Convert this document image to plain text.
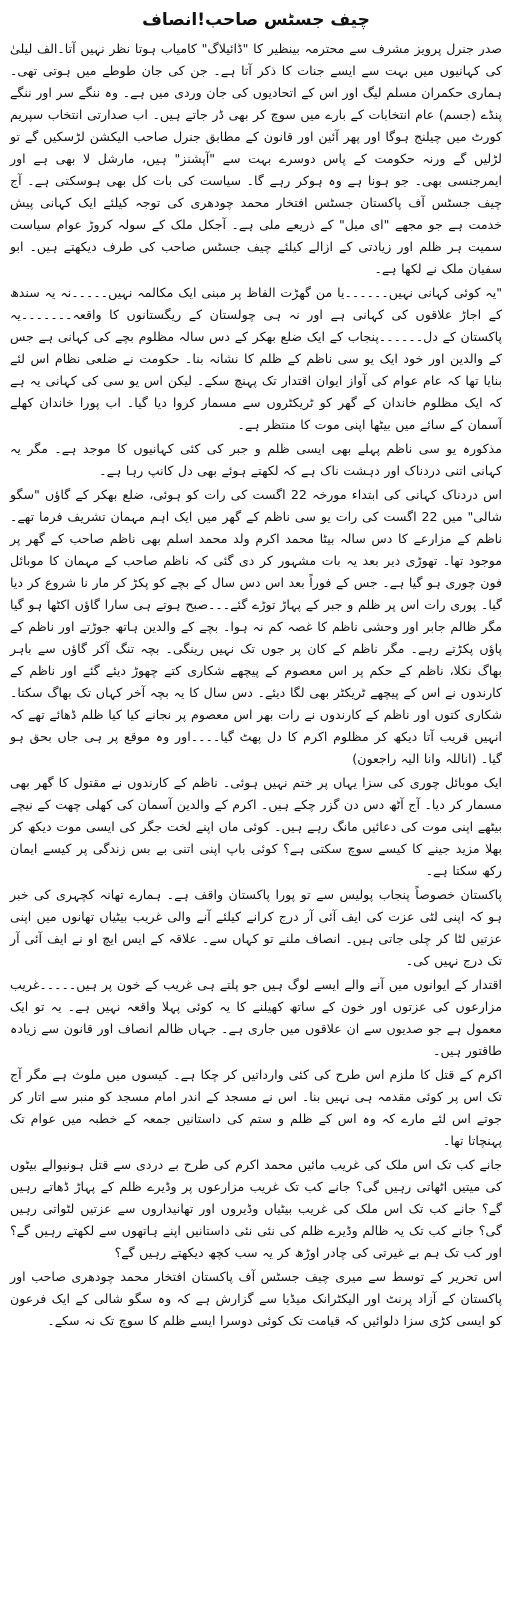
چیف جسٹس صاحب!انصاف

صدر جنرل پرویز مشرف سے محترمہ بینظیر کا "ڈائیلاگ" کامیاب ہوتا نظر نہیں آتا۔الف لیلیٰ کی کہانیوں میں بہت سے ایسے جنات کا ذکر آتا ہے۔ جن کی جان طوطے میں ہوتی تھی۔ ہماری حکمران مسلم لیگ اور اس کے اتحادیوں کی جان وردی میں ہے۔ وہ ننگے سر اور ننگے پنڈے (جسم) عام انتخابات کے بارے میں سوچ کر بھی ڈر جاتے ہیں۔ اب صدارتی انتخاب سپریم کورٹ میں چیلنج ہوگا اور پھر آئین اور قانون کے مطابق جنرل صاحب الیکشن لڑسکیں گے تو لڑلیں گے ورنہ حکومت کے پاس دوسرے بہت سے "آپشنز" ہیں، مارشل لا بھی ہے اور ایمرجنسی بھی۔ جو ہونا ہے وہ ہوکر رہے گا۔ سیاست کی بات کل بھی ہوسکتی ہے۔ آج چیف جسٹس آف پاکستان جسٹس افتخار محمد چودھری کی توجہ کیلئے ایک کہانی پیش خدمت ہے جو مجھے "ای میل" کے ذریعے ملی ہے۔ آجکل ملک کے سولہ کروڑ عوام سیاست سمیت ہر ظلم اور زیادتی کے ازالے کیلئے چیف جسٹس صاحب کی طرف دیکھتے ہیں۔ ابو سفیان ملک نے لکھا ہے۔

"یہ کوئی کہانی نہیں۔۔۔۔۔۔یا من گھڑت الفاظ پر مبنی ایک مکالمہ نہیں۔۔۔۔۔نہ یہ سندھ کے اجاڑ علاقوں کی کہانی ہے اور نہ ہی چولستان کے ریگستانوں کا واقعہ۔۔۔۔۔۔۔یہ پاکستان کے دل۔۔۔۔۔۔پنجاب کے ایک ضلع بھکر کے دس سالہ مظلوم بچے کی کہانی ہے جس کے والدین اور خود ایک یو سی ناظم کے ظلم کا نشانہ بنا۔ حکومت نے ضلعی نظام اس لئے بنایا تھا کہ عام عوام کی آواز ایوان اقتدار تک پہنچ سکے۔ لیکن اس یو سی کی کہانی یہ ہے کہ ایک مظلوم خاندان کے گھر کو ٹریکٹروں سے مسمار کروا دیا گیا۔ اب پورا خاندان کھلے آسمان کے سائے میں بیٹھا اپنی موت کا منتظر ہے۔

مذکورہ یو سی ناظم پہلے بھی ایسی ظلم و جبر کی کئی کہانیوں کا موجد ہے۔ مگر یہ کہانی اتنی دردناک اور دہشت ناک ہے کہ لکھتے ہوئے بھی دل کانپ رہا ہے۔

اس دردناک کہانی کی ابتداء مورخہ 22 اگست کی رات کو ہوئی، ضلع بھکر کے گاؤں "سگو شالی" میں 22 اگست کی رات یو سی ناظم کے گھر میں ایک اہم مہمان تشریف فرما تھے۔ ناظم کے مزارعے کا دس سالہ بیٹا محمد اکرم ولد محمد اسلم بھی ناظم صاحب کے گھر پر موجود تھا۔ تھوڑی دیر بعد یہ بات مشہور کر دی گئی کہ ناظم صاحب کے مہمان کا موبائل فون چوری ہو گیا ہے۔ جس کے فوراً بعد اس دس سال کے بچے کو پکڑ کر مار نا شروع کر دیا گیا۔ پوری رات اس پر ظلم و جبر کے پہاڑ توڑے گئے۔۔۔صبح ہوتے ہی سارا گاؤں اکٹھا ہو گیا مگر ظالم جابر اور وحشی ناظم کا غصہ کم نہ ہوا۔ بچے کے والدین ہاتھ جوڑتے اور ناظم کے پاؤں پکڑتے رہے۔ مگر ناظم کے کان پر جوں تک نہیں رینگی۔ بچہ تنگ آکر گاؤں سے باہر بھاگ نکلا، ناظم کے حکم پر اس معصوم کے پیچھے شکاری کتے چھوڑ دیئے گئے اور ناظم کے کارندوں نے اس کے پیچھے ٹریکٹر بھی لگا دیئے۔ دس سال کا یہ بچہ آخر کہاں تک بھاگ سکتا۔ شکاری کتوں اور ناظم کے کارندوں نے رات بھر اس معصوم پر نجانے کیا کیا ظلم ڈھائے تھے کہ انہیں قریب آتا دیکھ کر مظلوم اکرم کا دل پھٹ گیا۔۔۔۔اور وہ موقع پر ہی جاں بحق ہو گیا۔ (اناللہ وانا الیہ راجعون)

ایک موبائل چوری کی سزا یہاں پر ختم نہیں ہوئی۔ ناظم کے کارندوں نے مقتول کا گھر بھی مسمار کر دیا۔ آج آٹھ دس دن گزر چکے ہیں۔ اکرم کے والدین آسمان کی کھلی چھت کے نیچے بیٹھے اپنی موت کی دعائیں مانگ رہے ہیں۔ کوئی ماں اپنے لخت جگر کی ایسی موت دیکھ کر بھلا مزید جینے کا کیسے سوچ سکتی ہے؟ کوئی باپ اپنی اتنی بے بس زندگی پر کیسے ایمان رکھ سکتا ہے۔

پاکستان خصوصاً پنجاب پولیس سے تو پورا پاکستان واقف ہے۔ ہمارے تھانہ کچہری کی خبر ہو کہ اپنی لٹی عزت کی ایف آئی آر درج کرانے کیلئے آنے والی غریب بیٹیاں تھانوں میں اپنی عزتیں لٹا کر چلی جاتی ہیں۔ انصاف ملنے تو کہاں سے۔ علاقہ کے ایس ایچ او نے ایف آئی آر تک درج نہیں کی۔

اقتدار کے ایوانوں میں آنے والے ایسے لوگ ہیں جو پلتے ہی غریب کے خون پر ہیں۔۔۔۔۔غریب مزارعوں کی عزتوں اور خون کے ساتھ کھیلنے کا یہ کوئی پہلا واقعہ نہیں ہے۔ یہ تو ایک معمول ہے جو صدیوں سے ان علاقوں میں جاری ہے۔ جہاں ظالم انصاف اور قانون سے زیادہ طاقتور ہیں۔

اکرم کے قتل کا ملزم اس طرح کی کئی وارداتیں کر چکا ہے۔ کیسوں میں ملوث ہے مگر آج تک اس پر کوئی مقدمہ ہی نہیں بنا۔ اس نے مسجد کے اندر امام مسجد کو منبر سے اتار کر جوتے اس لئے مارے کہ وہ اس کے ظلم و ستم کی داستانیں جمعہ کے خطبہ میں عوام تک پہنچاتا تھا۔

جانے کب تک اس ملک کی غریب مائیں محمد اکرم کی طرح بے دردی سے قتل ہونیوالے بیٹوں کی میتیں اٹھاتی رہیں گی؟ جانے کب تک غریب مزارعوں پر وڈیرے ظلم کے پہاڑ ڈھاتے رہیں گے؟ جانے کب تک اس ملک کی غریب بیٹیاں وڈیروں اور تھانیداروں سے عزتیں لٹواتی رہیں گی؟ جانے کب تک یہ ظالم وڈیرے ظلم کی نئی نئی داستانیں اپنے ہاتھوں سے لکھتے رہیں گے؟ اور کب تک ہم بے غیرتی کی چادر اوڑھ کر یہ سب کچھ دیکھتے رہیں گے؟

اس تحریر کے توسط سے میری چیف جسٹس آف پاکستان افتخار محمد چودھری صاحب اور پاکستان کے آزاد پرنٹ اور الیکٹرانک میڈیا سے گزارش ہے کہ وہ سگو شالی کے ایک فرعون کو ایسی کڑی سزا دلوائیں کہ قیامت تک کوئی دوسرا ایسے ظلم کا سوچ تک نہ سکے۔
